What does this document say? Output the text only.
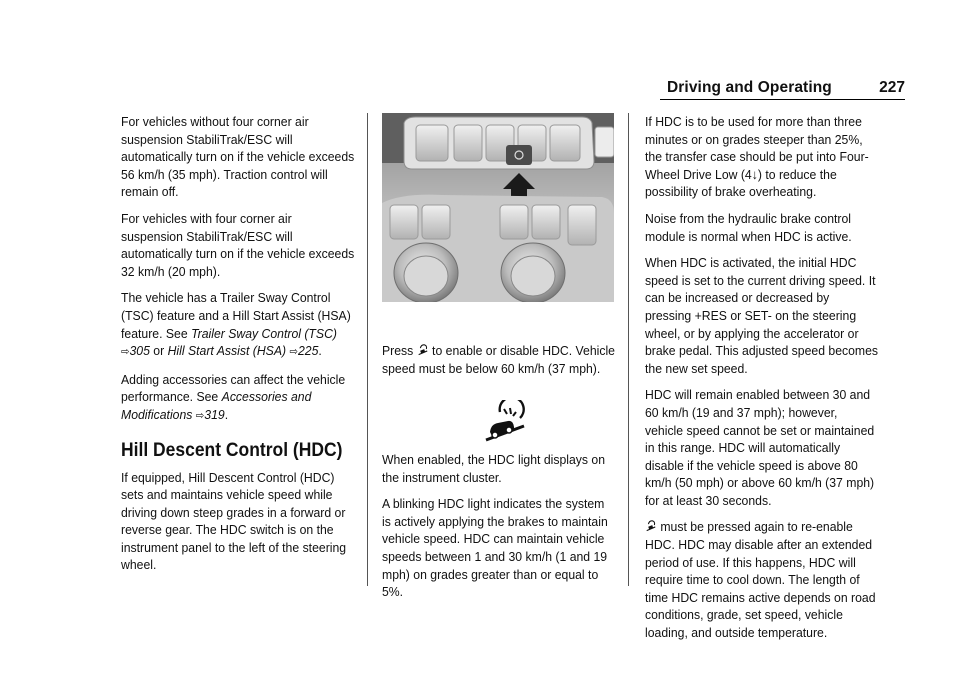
Driving and Operating	227

For vehicles without four corner air suspension StabiliTrak/ESC will automatically turn on if the vehicle exceeds 56 km/h (35 mph). Traction control will remain off.

For vehicles with four corner air suspension StabiliTrak/ESC will automatically turn on if the vehicle exceeds 32 km/h (20 mph).

The vehicle has a Trailer Sway Control (TSC) feature and a Hill Start Assist (HSA) feature. See Trailer Sway Control (TSC) ⇨305 or Hill Start Assist (HSA) ⇨225.

Adding accessories can affect the vehicle performance. See Accessories and Modifications ⇨319.

Hill Descent Control (HDC)

If equipped, Hill Descent Control (HDC) sets and maintains vehicle speed while driving down steep grades in a forward or reverse gear. The HDC switch is on the instrument panel to the left of the steering wheel.

Press to enable or disable HDC. Vehicle speed must be below 60 km/h (37 mph).

When enabled, the HDC light displays on the instrument cluster.

A blinking HDC light indicates the system is actively applying the brakes to maintain vehicle speed. HDC can maintain vehicle speeds between 1 and 30 km/h (1 and 19 mph) on grades greater than or equal to 5%.

If HDC is to be used for more than three minutes or on grades steeper than 25%, the transfer case should be put into Four-Wheel Drive Low (4↓) to reduce the possibility of brake overheating.

Noise from the hydraulic brake control module is normal when HDC is active.

When HDC is activated, the initial HDC speed is set to the current driving speed. It can be increased or decreased by pressing +RES or SET- on the steering wheel, or by applying the accelerator or brake pedal. This adjusted speed becomes the new set speed.

HDC will remain enabled between 30 and 60 km/h (19 and 37 mph); however, vehicle speed cannot be set or maintained in this range. HDC will automatically disable if the vehicle speed is above 80 km/h (50 mph) or above 60 km/h (37 mph) for at least 30 seconds.

must be pressed again to re-enable HDC. HDC may disable after an extended period of use. If this happens, HDC will require time to cool down. The length of time HDC remains active depends on road conditions, grade, set speed, vehicle loading, and outside temperature.
